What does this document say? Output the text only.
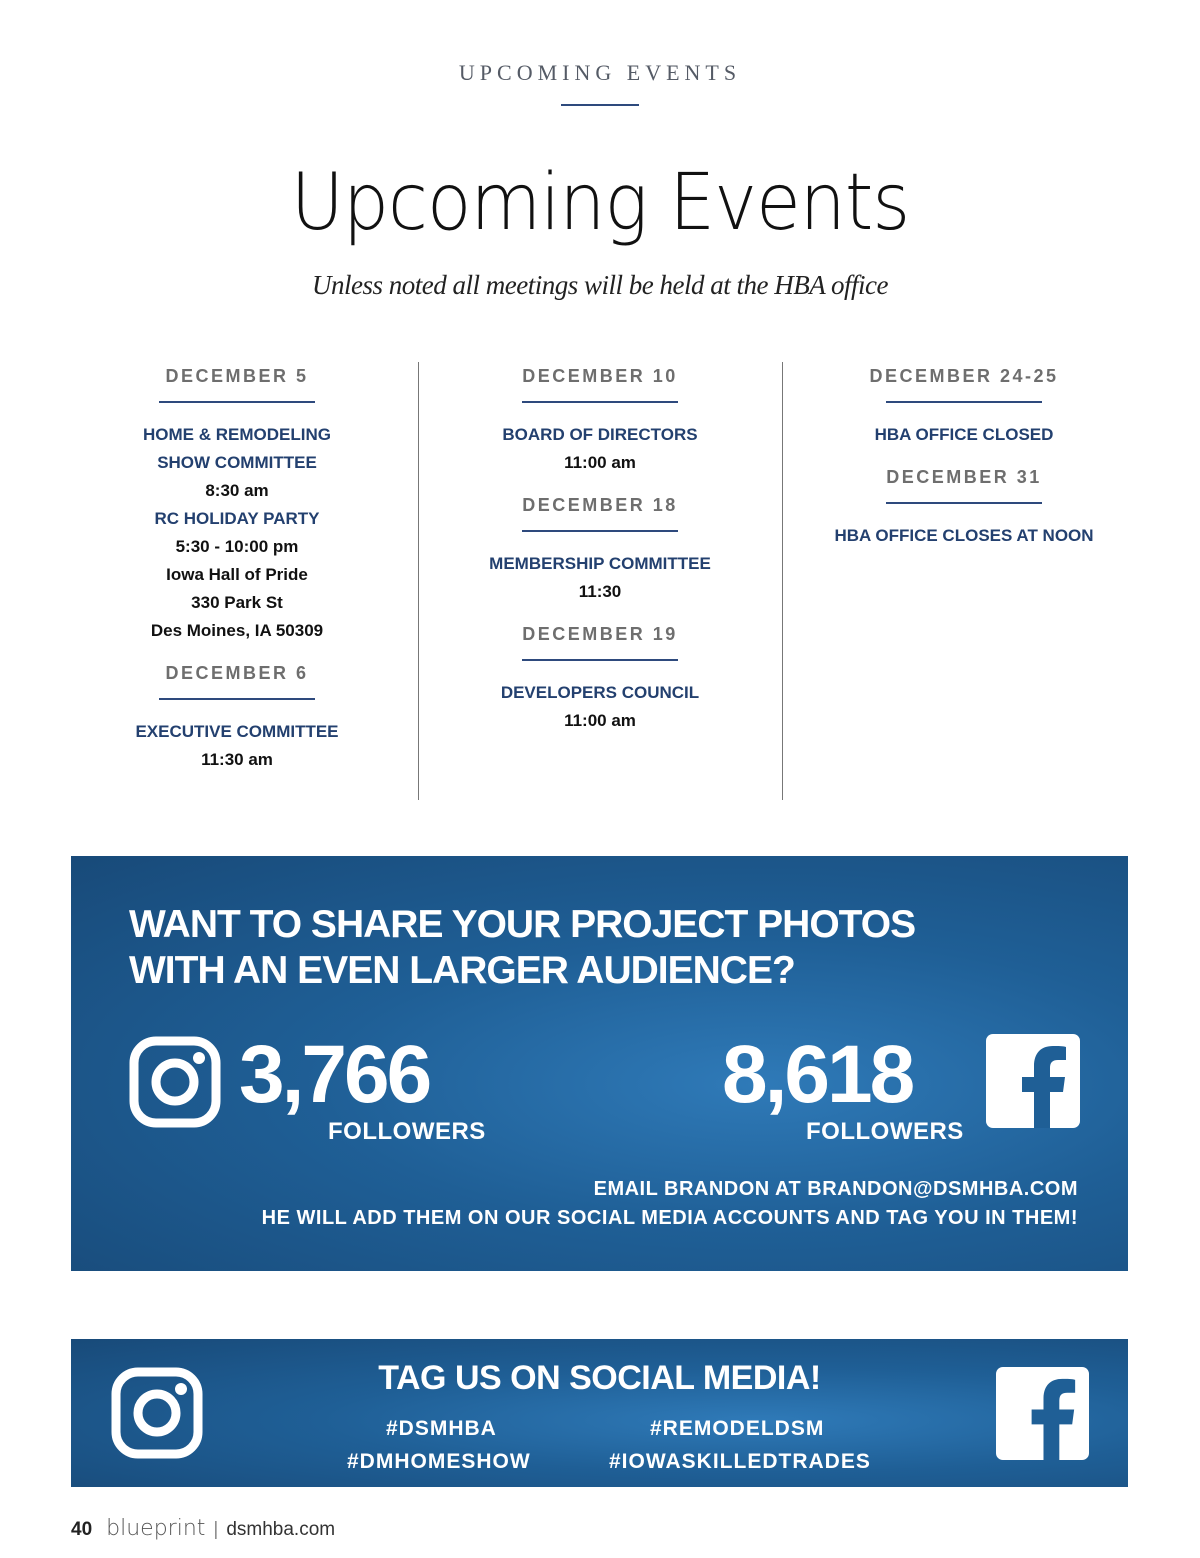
UPCOMING EVENTS
Upcoming Events
Unless noted all meetings will be held at the HBA office
DECEMBER 5
HOME & REMODELING
SHOW COMMITTEE
8:30 am
RC HOLIDAY PARTY
5:30 - 10:00 pm
Iowa Hall of Pride
330 Park St
Des Moines, IA 50309
DECEMBER 6
EXECUTIVE COMMITTEE
11:30 am
DECEMBER 10
BOARD OF DIRECTORS
11:00 am
DECEMBER 18
MEMBERSHIP COMMITTEE
11:30
DECEMBER 19
DEVELOPERS COUNCIL
11:00 am
DECEMBER 24-25
HBA OFFICE CLOSED
DECEMBER 31
HBA OFFICE CLOSES AT NOON
WANT TO SHARE YOUR PROJECT PHOTOS
WITH AN EVEN LARGER AUDIENCE?
3,766
FOLLOWERS
8,618
FOLLOWERS
EMAIL BRANDON AT BRANDON@DSMHBA.COM
HE WILL ADD THEM ON OUR SOCIAL MEDIA ACCOUNTS AND TAG YOU IN THEM!
TAG US ON SOCIAL MEDIA!
#DSMHBA	#REMODELDSM
#DMHOMESHOW	#IOWASKILLEDTRADES
40 blueprint | dsmhba.com
